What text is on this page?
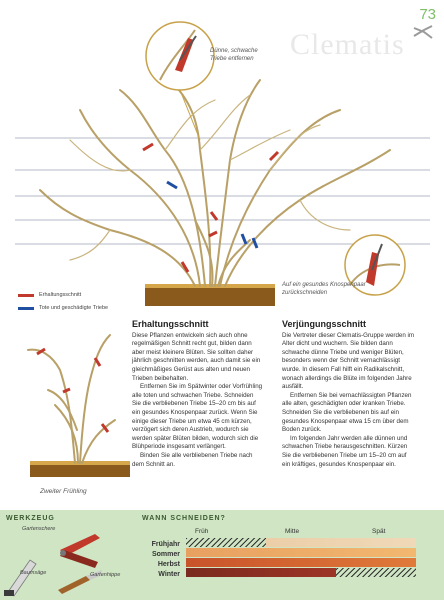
73
Clematis
Dünne, schwache Triebe entfernen
Auf ein gesundes Knospenpaar zurückschneiden
Erhaltungsschnitt
Tote und geschädigte Triebe
Erhaltungsschnitt

Diese Pflanzen entwickeln sich auch ohne regelmäßigen Schnitt recht gut, bilden dann aber meist kleinere Blüten. Sie sollten daher jährlich geschnitten werden, auch damit sie ein gleichmäßiges Gerüst aus alten und neuen Trieben beibehalten.

Entfernen Sie im Spätwinter oder Vorfrühling alle toten und schwachen Triebe. Schneiden Sie die verbliebenen Triebe 15–20 cm bis auf ein gesundes Knospenpaar zurück. Wenn Sie einige dieser Triebe um etwa 45 cm kürzen, verzögert sich deren Austrieb, wodurch sie werden später Blüten bilden, wodurch sich die Blühperiode insgesamt verlängert.

Binden Sie alle verbliebenen Triebe nach dem Schnitt an.

Verjüngungsschnitt

Die Vertreter dieser Clematis-Gruppe werden im Alter dicht und wuchern. Sie bilden dann schwache dünne Triebe und weniger Blüten, besonders wenn der Schnitt vernachlässigt wurde. In diesem Fall hilft ein Radikalschnitt, wonach allerdings die Blüte im folgenden Jahre ausfällt.

Entfernen Sie bei vernachlässigten Pflanzen alle alten, geschädigten oder kranken Triebe. Schneiden Sie die verbliebenen bis auf ein gesundes Knospenpaar etwa 15 cm über dem Boden zurück.

Im folgenden Jahr werden alle dünnen und schwachen Triebe herausgeschnitten. Kürzen Sie die verbliebenen Triebe um 15–20 cm auf ein kräftiges, gesundes Knospenpaar ein.

Zweiter Frühling
WERKZEUG	WANN SCHNEIDEN?
Gartenschere
Baumsäge	Gartenhippe
Früh	Mitte	Spät
Frühjahr
Sommer
Herbst
Winter
